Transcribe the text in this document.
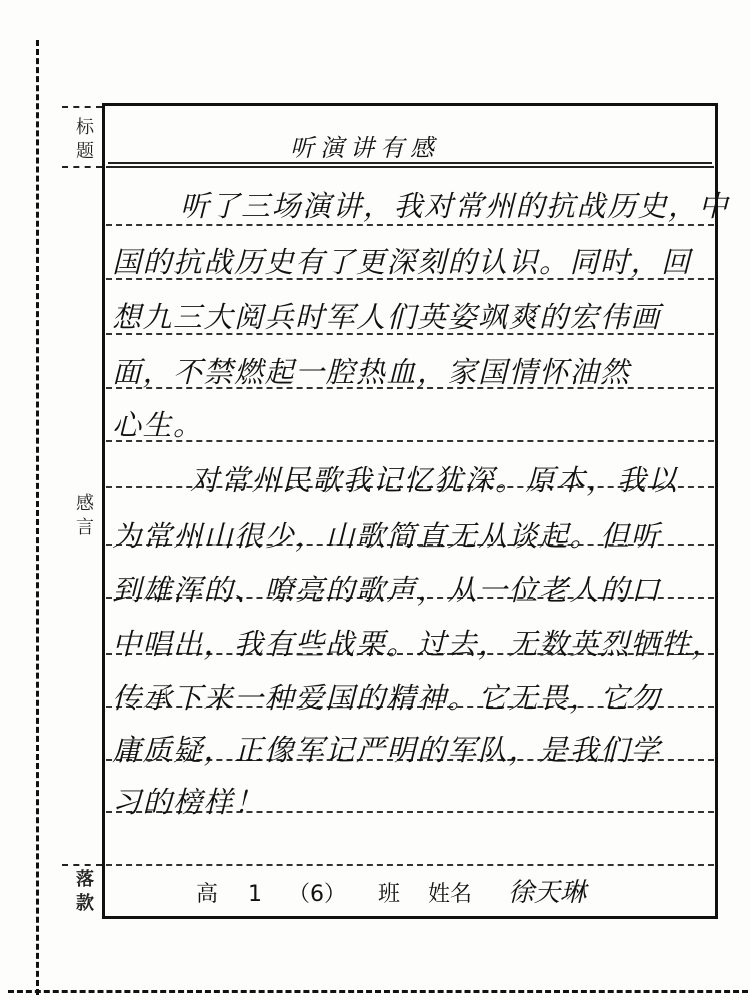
标题
感言
落款
听演讲有感
听了三场演讲，我对常州的抗战历史，中
国的抗战历史有了更深刻的认识。同时，回
想九三大阅兵时军人们英姿飒爽的宏伟画
面，不禁燃起一腔热血，家国情怀油然
心生。
对常州民歌我记忆犹深。原本，我以
为常州山很少，山歌简直无从谈起。但听
到雄浑的、嘹亮的歌声，从一位老人的口
中唱出，我有些战栗。过去，无数英烈牺牲，
传承下来一种爱国的精神。它无畏，它勿
庸质疑，正像军记严明的军队，是我们学
习的榜样！
高 1 （6） 班 姓名 徐天琳
